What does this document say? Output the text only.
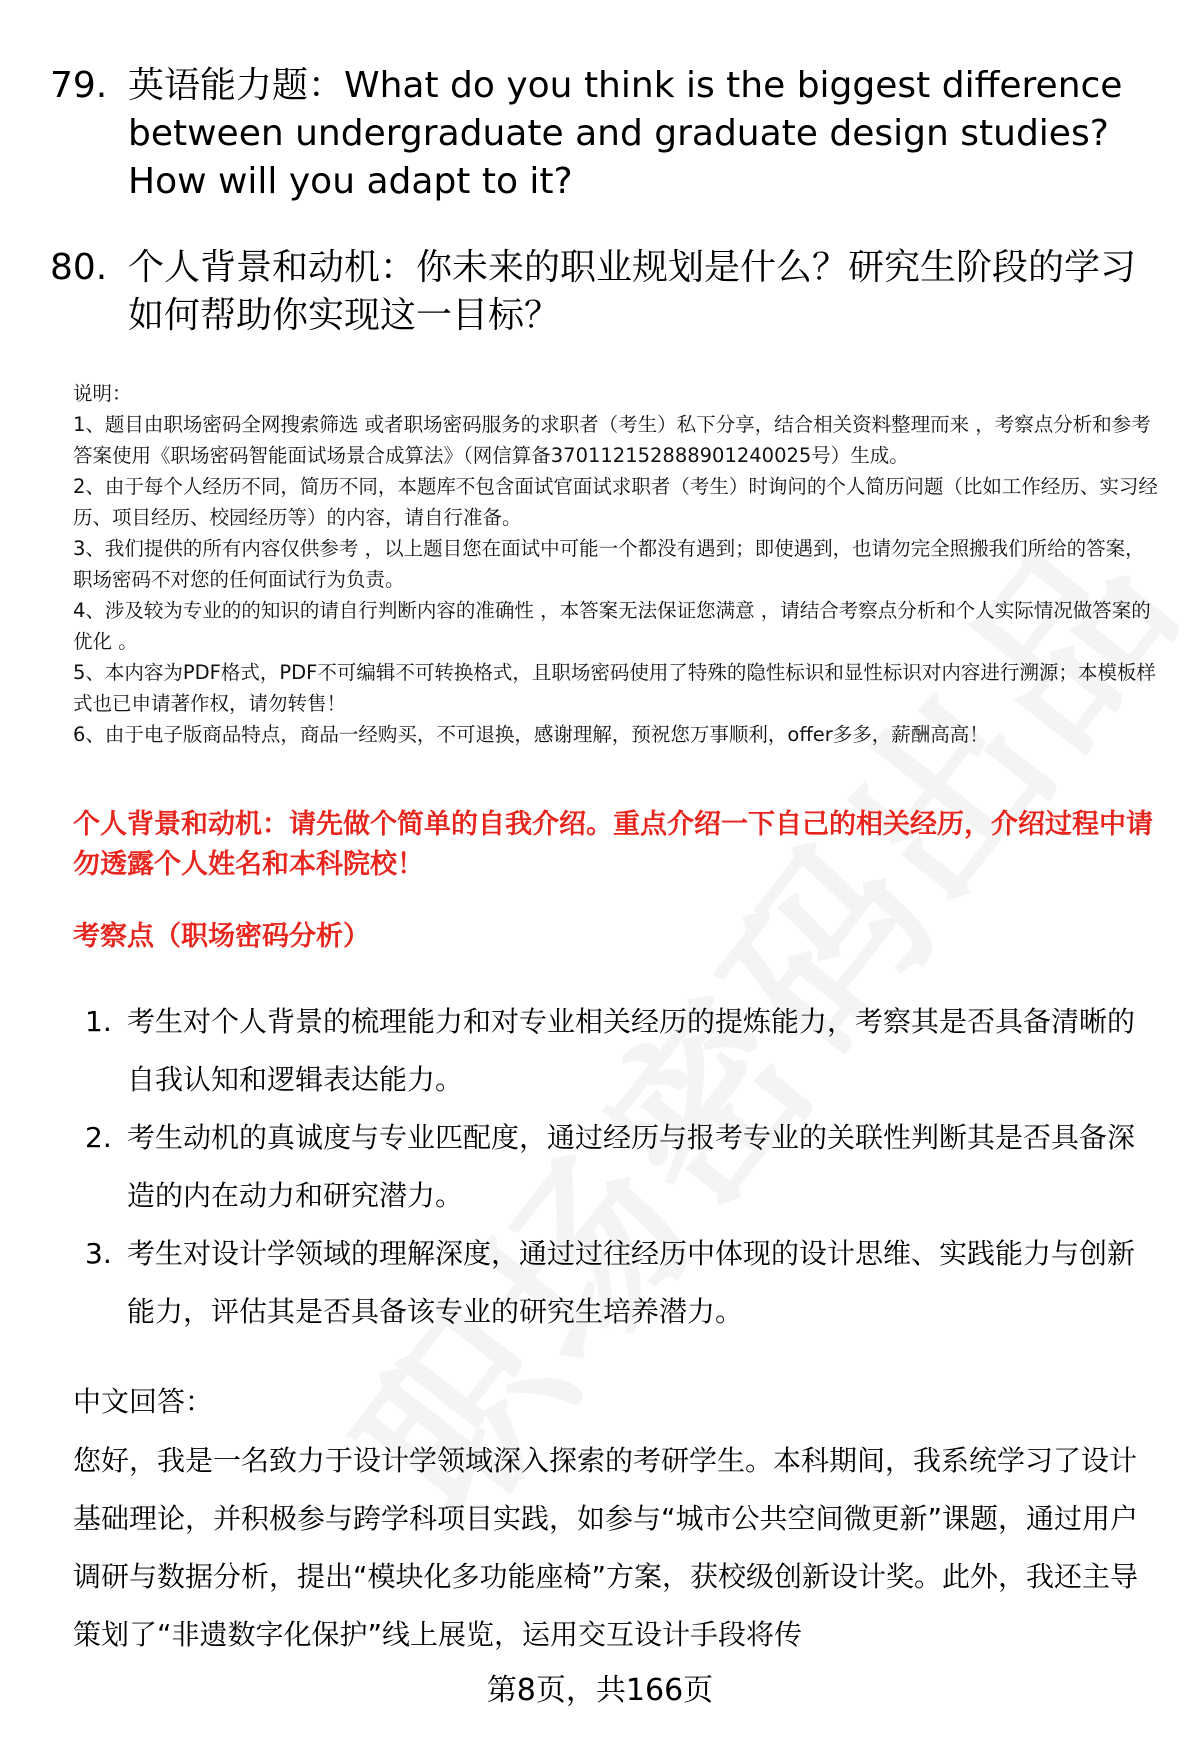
79. 英语能力题：What do you think is the biggest difference between undergraduate and graduate design studies? How will you adapt to it?
80. 个人背景和动机：你未来的职业规划是什么？研究生阶段的学习如何帮助你实现这一目标？
说明：
1、题目由职场密码全网搜索筛选 或者职场密码服务的求职者（考生）私下分享，结合相关资料整理而来 ，考察点分析和参考答案使用《职场密码智能面试场景合成算法》（网信算备370112152888901240025号）生成。
2、由于每个人经历不同，简历不同，本题库不包含面试官面试求职者（考生）时询问的个人简历问题（比如工作经历、实习经历、项目经历、校园经历等）的内容，请自行准备。
3、我们提供的所有内容仅供参考 ，以上题目您在面试中可能一个都没有遇到；即使遇到，也请勿完全照搬我们所给的答案，职场密码不对您的任何面试行为负责。
4、涉及较为专业的的知识的请自行判断内容的准确性 ，本答案无法保证您满意 ，请结合考察点分析和个人实际情况做答案的优化 。
5、本内容为PDF格式，PDF不可编辑不可转换格式，且职场密码使用了特殊的隐性标识和显性标识对内容进行溯源；本模板样式也已申请著作权，请勿转售！
6、由于电子版商品特点，商品一经购买，不可退换，感谢理解，预祝您万事顺利，offer多多，薪酬高高！
个人背景和动机：请先做个简单的自我介绍。重点介绍一下自己的相关经历，介绍过程中请勿透露个人姓名和本科院校！
考察点（职场密码分析）
1. 考生对个人背景的梳理能力和对专业相关经历的提炼能力，考察其是否具备清晰的自我认知和逻辑表达能力。
2. 考生动机的真诚度与专业匹配度，通过经历与报考专业的关联性判断其是否具备深造的内在动力和研究潜力。
3. 考生对设计学领域的理解深度，通过过往经历中体现的设计思维、实践能力与创新能力，评估其是否具备该专业的研究生培养潜力。
中文回答：
您好，我是一名致力于设计学领域深入探索的考研学生。本科期间，我系统学习了设计基础理论，并积极参与跨学科项目实践，如参与“城市公共空间微更新”课题，通过用户调研与数据分析，提出“模块化多功能座椅”方案，获校级创新设计奖。此外，我还主导策划了“非遗数字化保护”线上展览，运用交互设计手段将传
第8页，共166页
